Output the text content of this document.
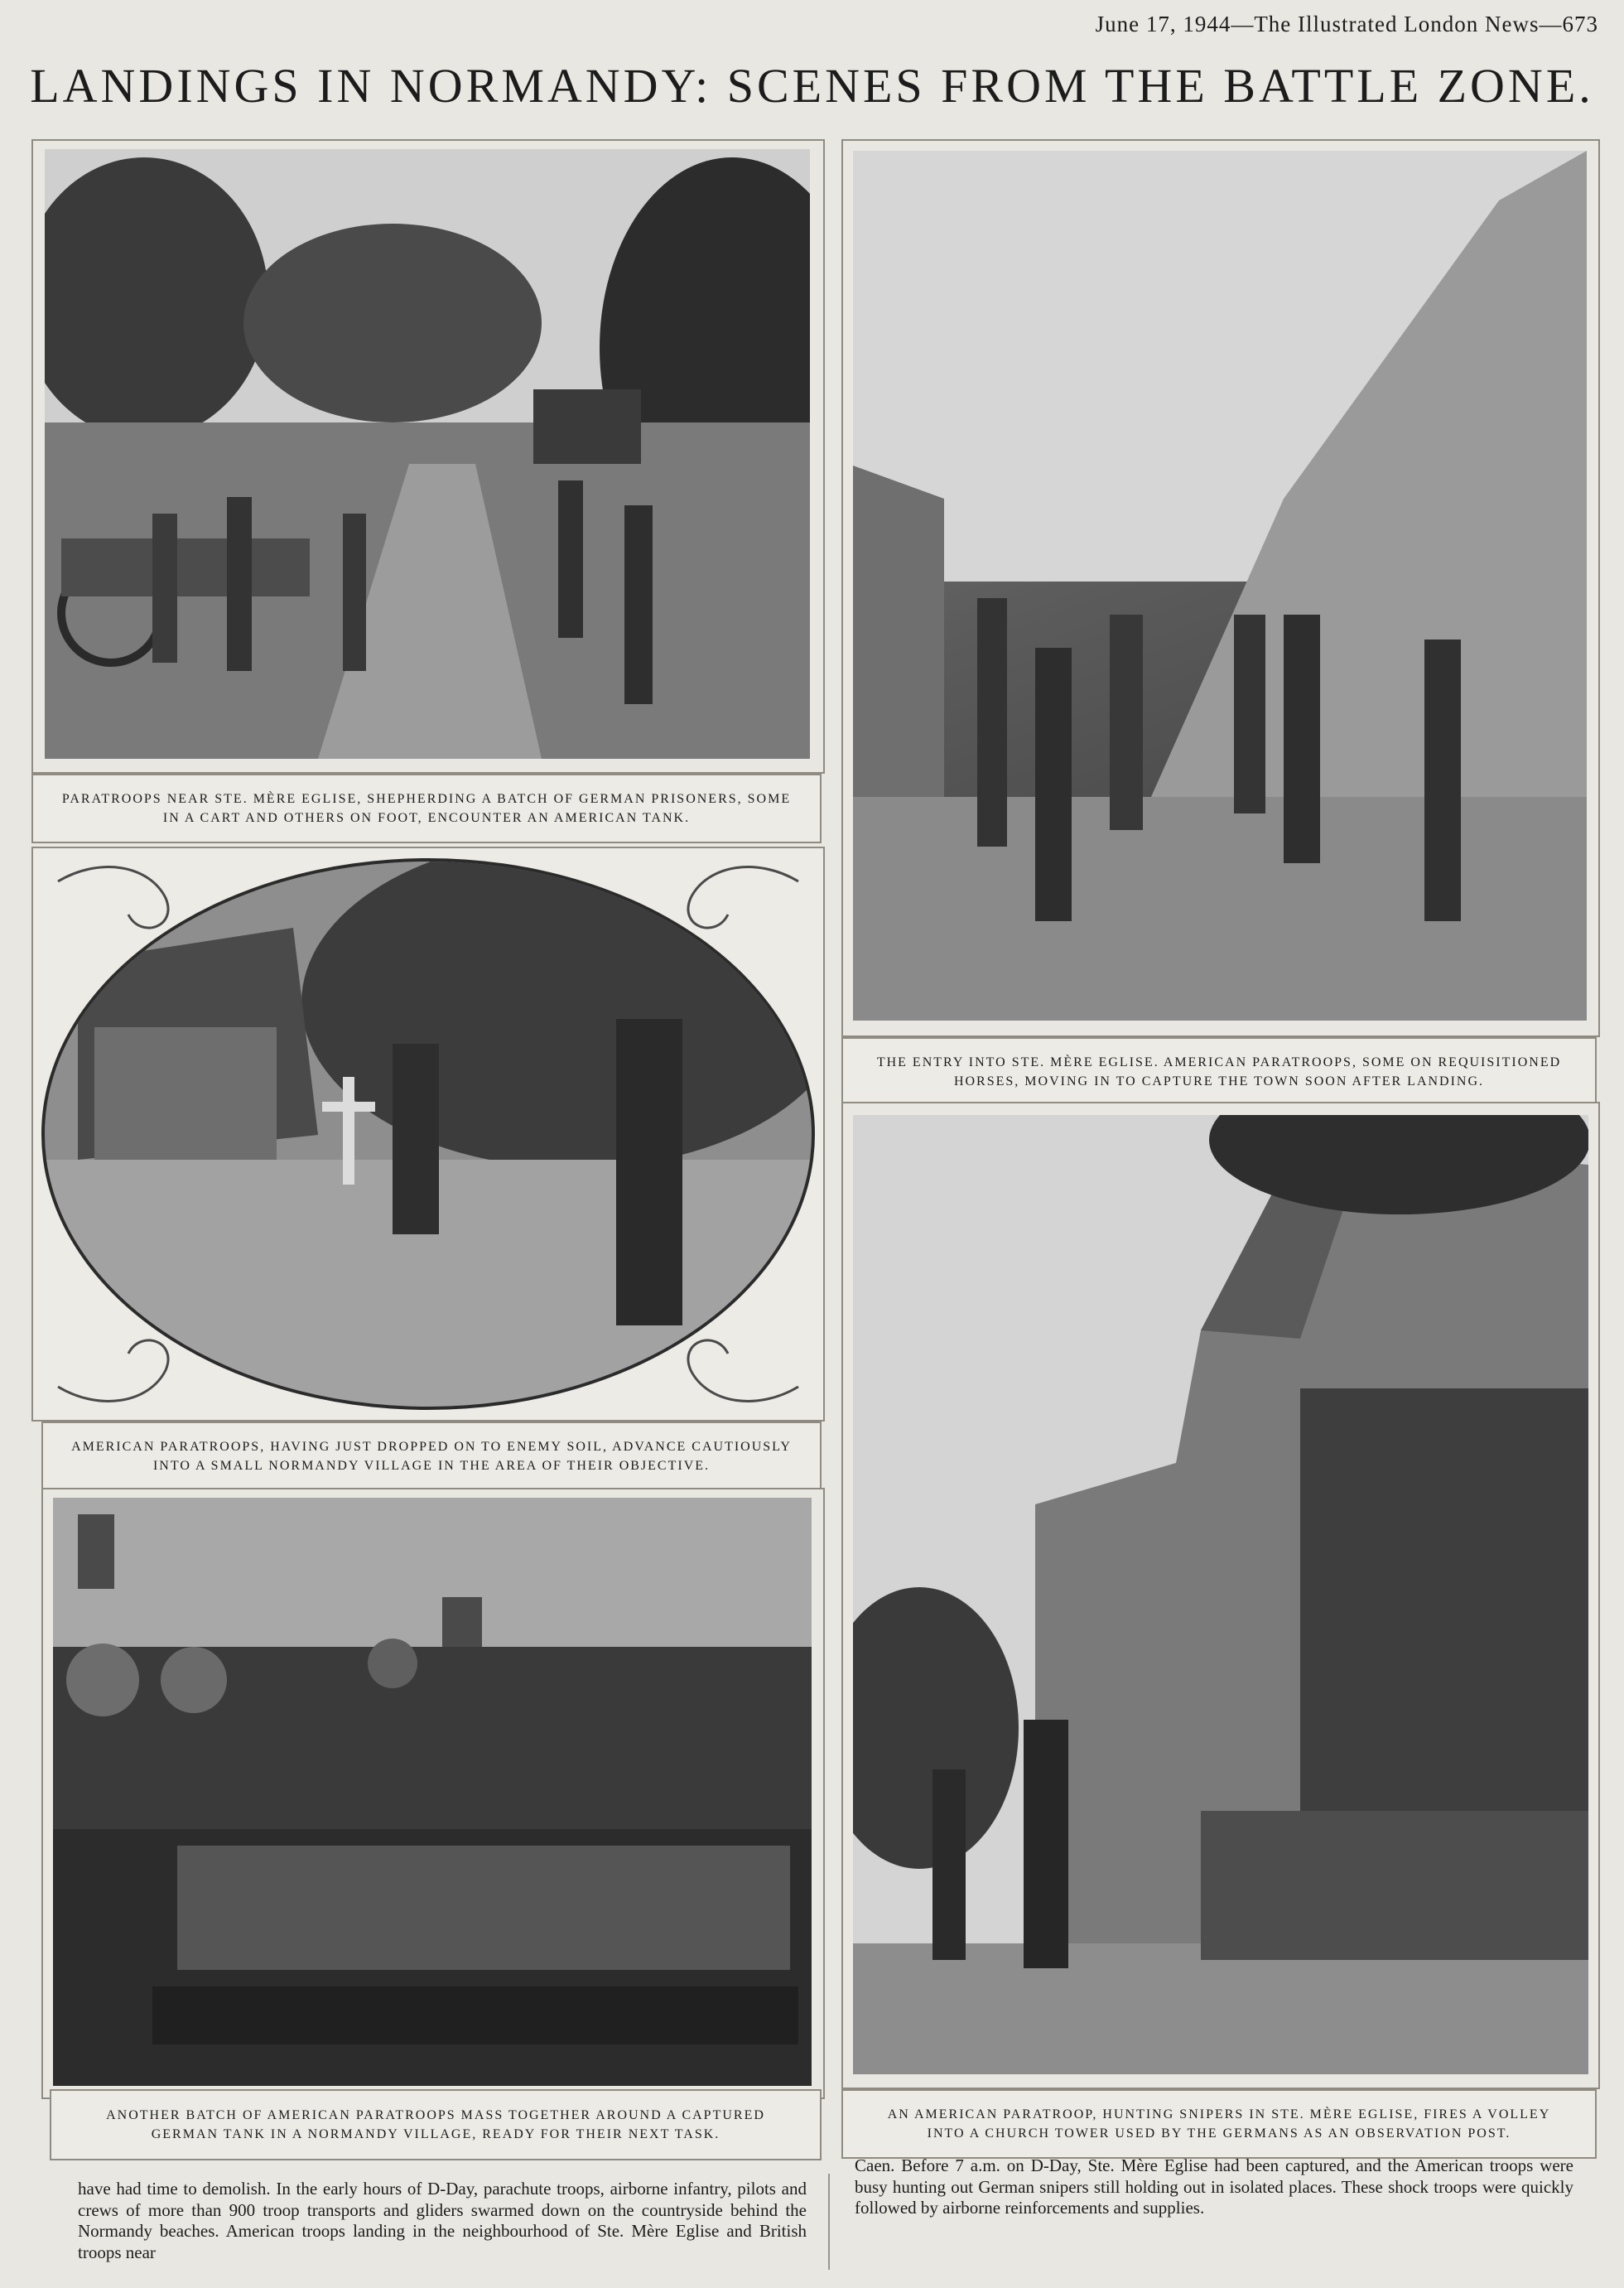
June 17, 1944—The Illustrated London News—673
LANDINGS IN NORMANDY: SCENES FROM THE BATTLE ZONE.
PARATROOPS NEAR STE. MÈRE EGLISE, SHEPHERDING A BATCH OF GERMAN PRISONERS, SOME IN A CART AND OTHERS ON FOOT, ENCOUNTER AN AMERICAN TANK.
THE ENTRY INTO STE. MÈRE EGLISE. AMERICAN PARATROOPS, SOME ON REQUISITIONED HORSES, MOVING IN TO CAPTURE THE TOWN SOON AFTER LANDING.
AMERICAN PARATROOPS, HAVING JUST DROPPED ON TO ENEMY SOIL, ADVANCE CAUTIOUSLY INTO A SMALL NORMANDY VILLAGE IN THE AREA OF THEIR OBJECTIVE.
ANOTHER BATCH OF AMERICAN PARATROOPS MASS TOGETHER AROUND A CAPTURED GERMAN TANK IN A NORMANDY VILLAGE, READY FOR THEIR NEXT TASK.
AN AMERICAN PARATROOP, HUNTING SNIPERS IN STE. MÈRE EGLISE, FIRES A VOLLEY INTO A CHURCH TOWER USED BY THE GERMANS AS AN OBSERVATION POST.
have had time to demolish. In the early hours of D-Day, parachute troops, airborne infantry, pilots and crews of more than 900 troop transports and gliders swarmed down on the countryside behind the Normandy beaches. American troops landing in the neighbourhood of Ste. Mère Eglise and British troops near
Caen. Before 7 a.m. on D-Day, Ste. Mère Eglise had been captured, and the American troops were busy hunting out German snipers still holding out in isolated places. These shock troops were quickly followed by airborne reinforcements and supplies.
